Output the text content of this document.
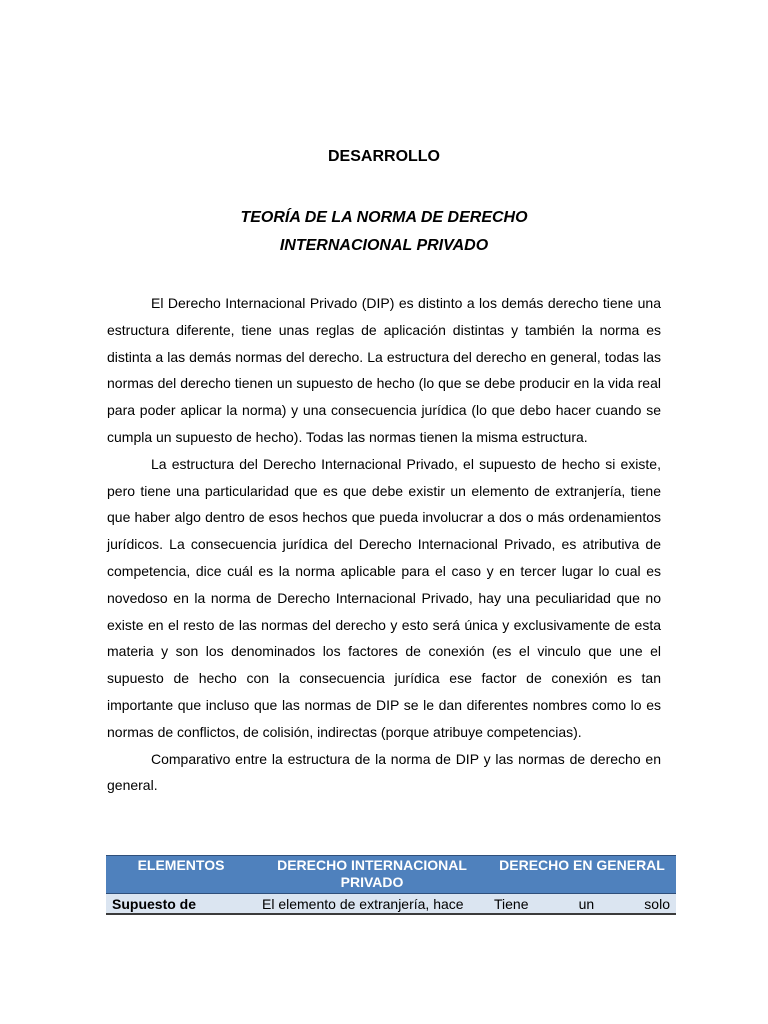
DESARROLLO
TEORÍA DE LA NORMA DE DERECHO
INTERNACIONAL PRIVADO

El Derecho Internacional Privado (DIP) es distinto a los demás derecho tiene una estructura diferente, tiene unas reglas de aplicación distintas y también la norma es distinta a las demás normas del derecho. La estructura del derecho en general, todas las normas del derecho tienen un supuesto de hecho (lo que se debe producir en la vida real para poder aplicar la norma) y una consecuencia jurídica (lo que debo hacer cuando se cumpla un supuesto de hecho). Todas las normas tienen la misma estructura.

La estructura del Derecho Internacional Privado, el supuesto de hecho si existe, pero tiene una particularidad que es que debe existir un elemento de extranjería, tiene que haber algo dentro de esos hechos que pueda involucrar a dos o más ordenamientos jurídicos. La consecuencia jurídica del Derecho Internacional Privado, es atributiva de competencia, dice cuál es la norma aplicable para el caso y en tercer lugar lo cual es novedoso en la norma de Derecho Internacional Privado, hay una peculiaridad que no existe en el resto de las normas del derecho y esto será única y exclusivamente de esta materia y son los denominados los factores de conexión (es el vinculo que une el supuesto de hecho con la consecuencia jurídica ese factor de conexión es tan importante que incluso que las normas de DIP se le dan diferentes nombres como lo es normas de conflictos, de colisión, indirectas (porque atribuye competencias).

Comparativo entre la estructura de la norma de DIP y las normas de derecho en general.

ELEMENTOS	DERECHO INTERNACIONAL PRIVADO	DERECHO EN GENERAL
Supuesto de	El elemento de extranjería, hace	Tiene un solo
